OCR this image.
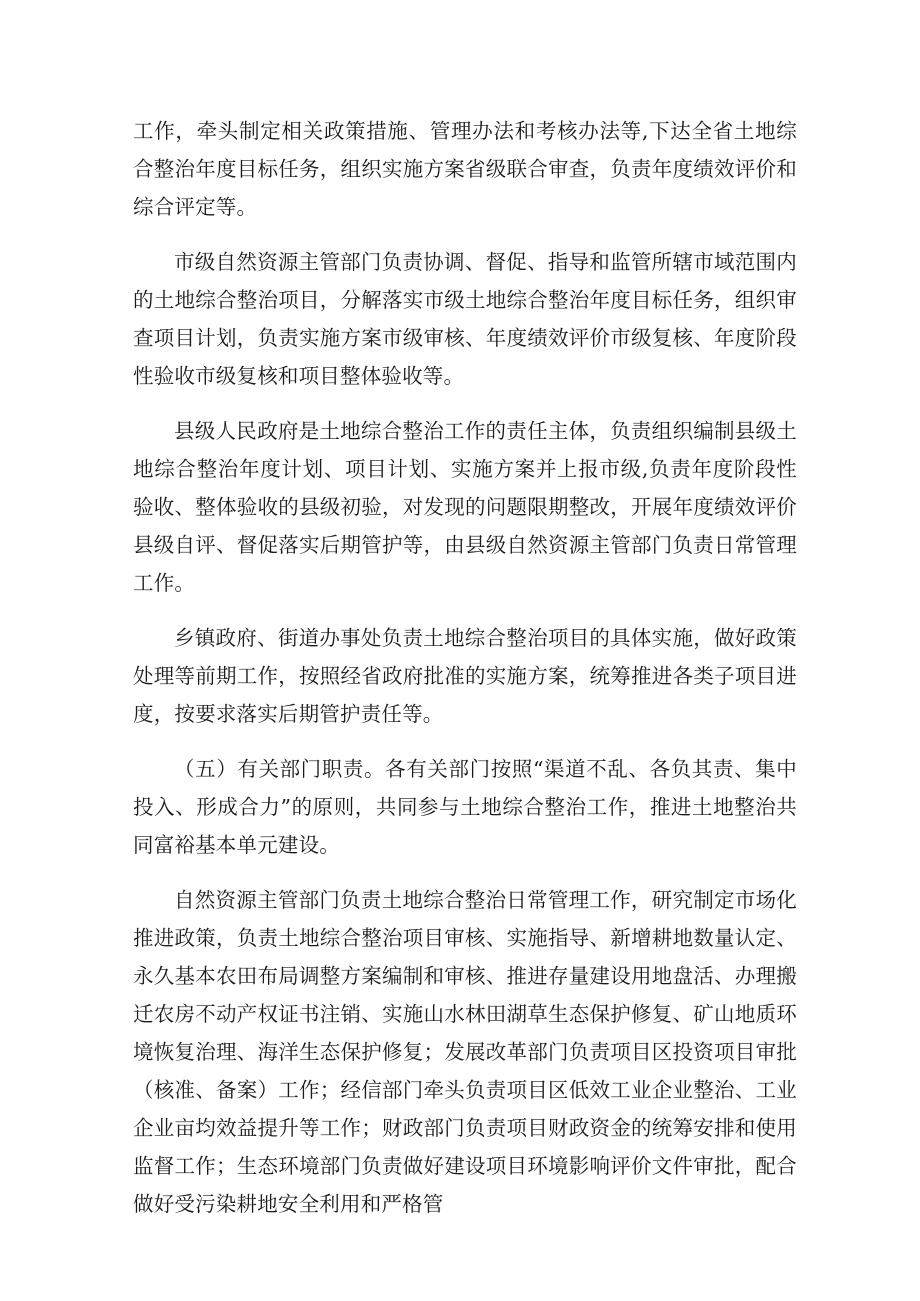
工作，牵头制定相关政策措施、管理办法和考核办法等,下达全省土地综合整治年度目标任务，组织实施方案省级联合审查，负责年度绩效评价和综合评定等。

市级自然资源主管部门负责协调、督促、指导和监管所辖市域范围内的土地综合整治项目，分解落实市级土地综合整治年度目标任务，组织审查项目计划，负责实施方案市级审核、年度绩效评价市级复核、年度阶段性验收市级复核和项目整体验收等。

县级人民政府是土地综合整治工作的责任主体，负责组织编制县级土地综合整治年度计划、项目计划、实施方案并上报市级,负责年度阶段性验收、整体验收的县级初验，对发现的问题限期整改，开展年度绩效评价县级自评、督促落实后期管护等，由县级自然资源主管部门负责日常管理工作。

乡镇政府、街道办事处负责土地综合整治项目的具体实施，做好政策处理等前期工作，按照经省政府批准的实施方案，统筹推进各类子项目进度，按要求落实后期管护责任等。

（五）有关部门职责。各有关部门按照“渠道不乱、各负其责、集中投入、形成合力”的原则，共同参与土地综合整治工作，推进土地整治共同富裕基本单元建设。

自然资源主管部门负责土地综合整治日常管理工作，研究制定市场化推进政策，负责土地综合整治项目审核、实施指导、新增耕地数量认定、永久基本农田布局调整方案编制和审核、推进存量建设用地盘活、办理搬迁农房不动产权证书注销、实施山水林田湖草生态保护修复、矿山地质环境恢复治理、海洋生态保护修复；发展改革部门负责项目区投资项目审批（核准、备案）工作；经信部门牵头负责项目区低效工业企业整治、工业企业亩均效益提升等工作；财政部门负责项目财政资金的统筹安排和使用监督工作；生态环境部门负责做好建设项目环境影响评价文件审批，配合做好受污染耕地安全利用和严格管
